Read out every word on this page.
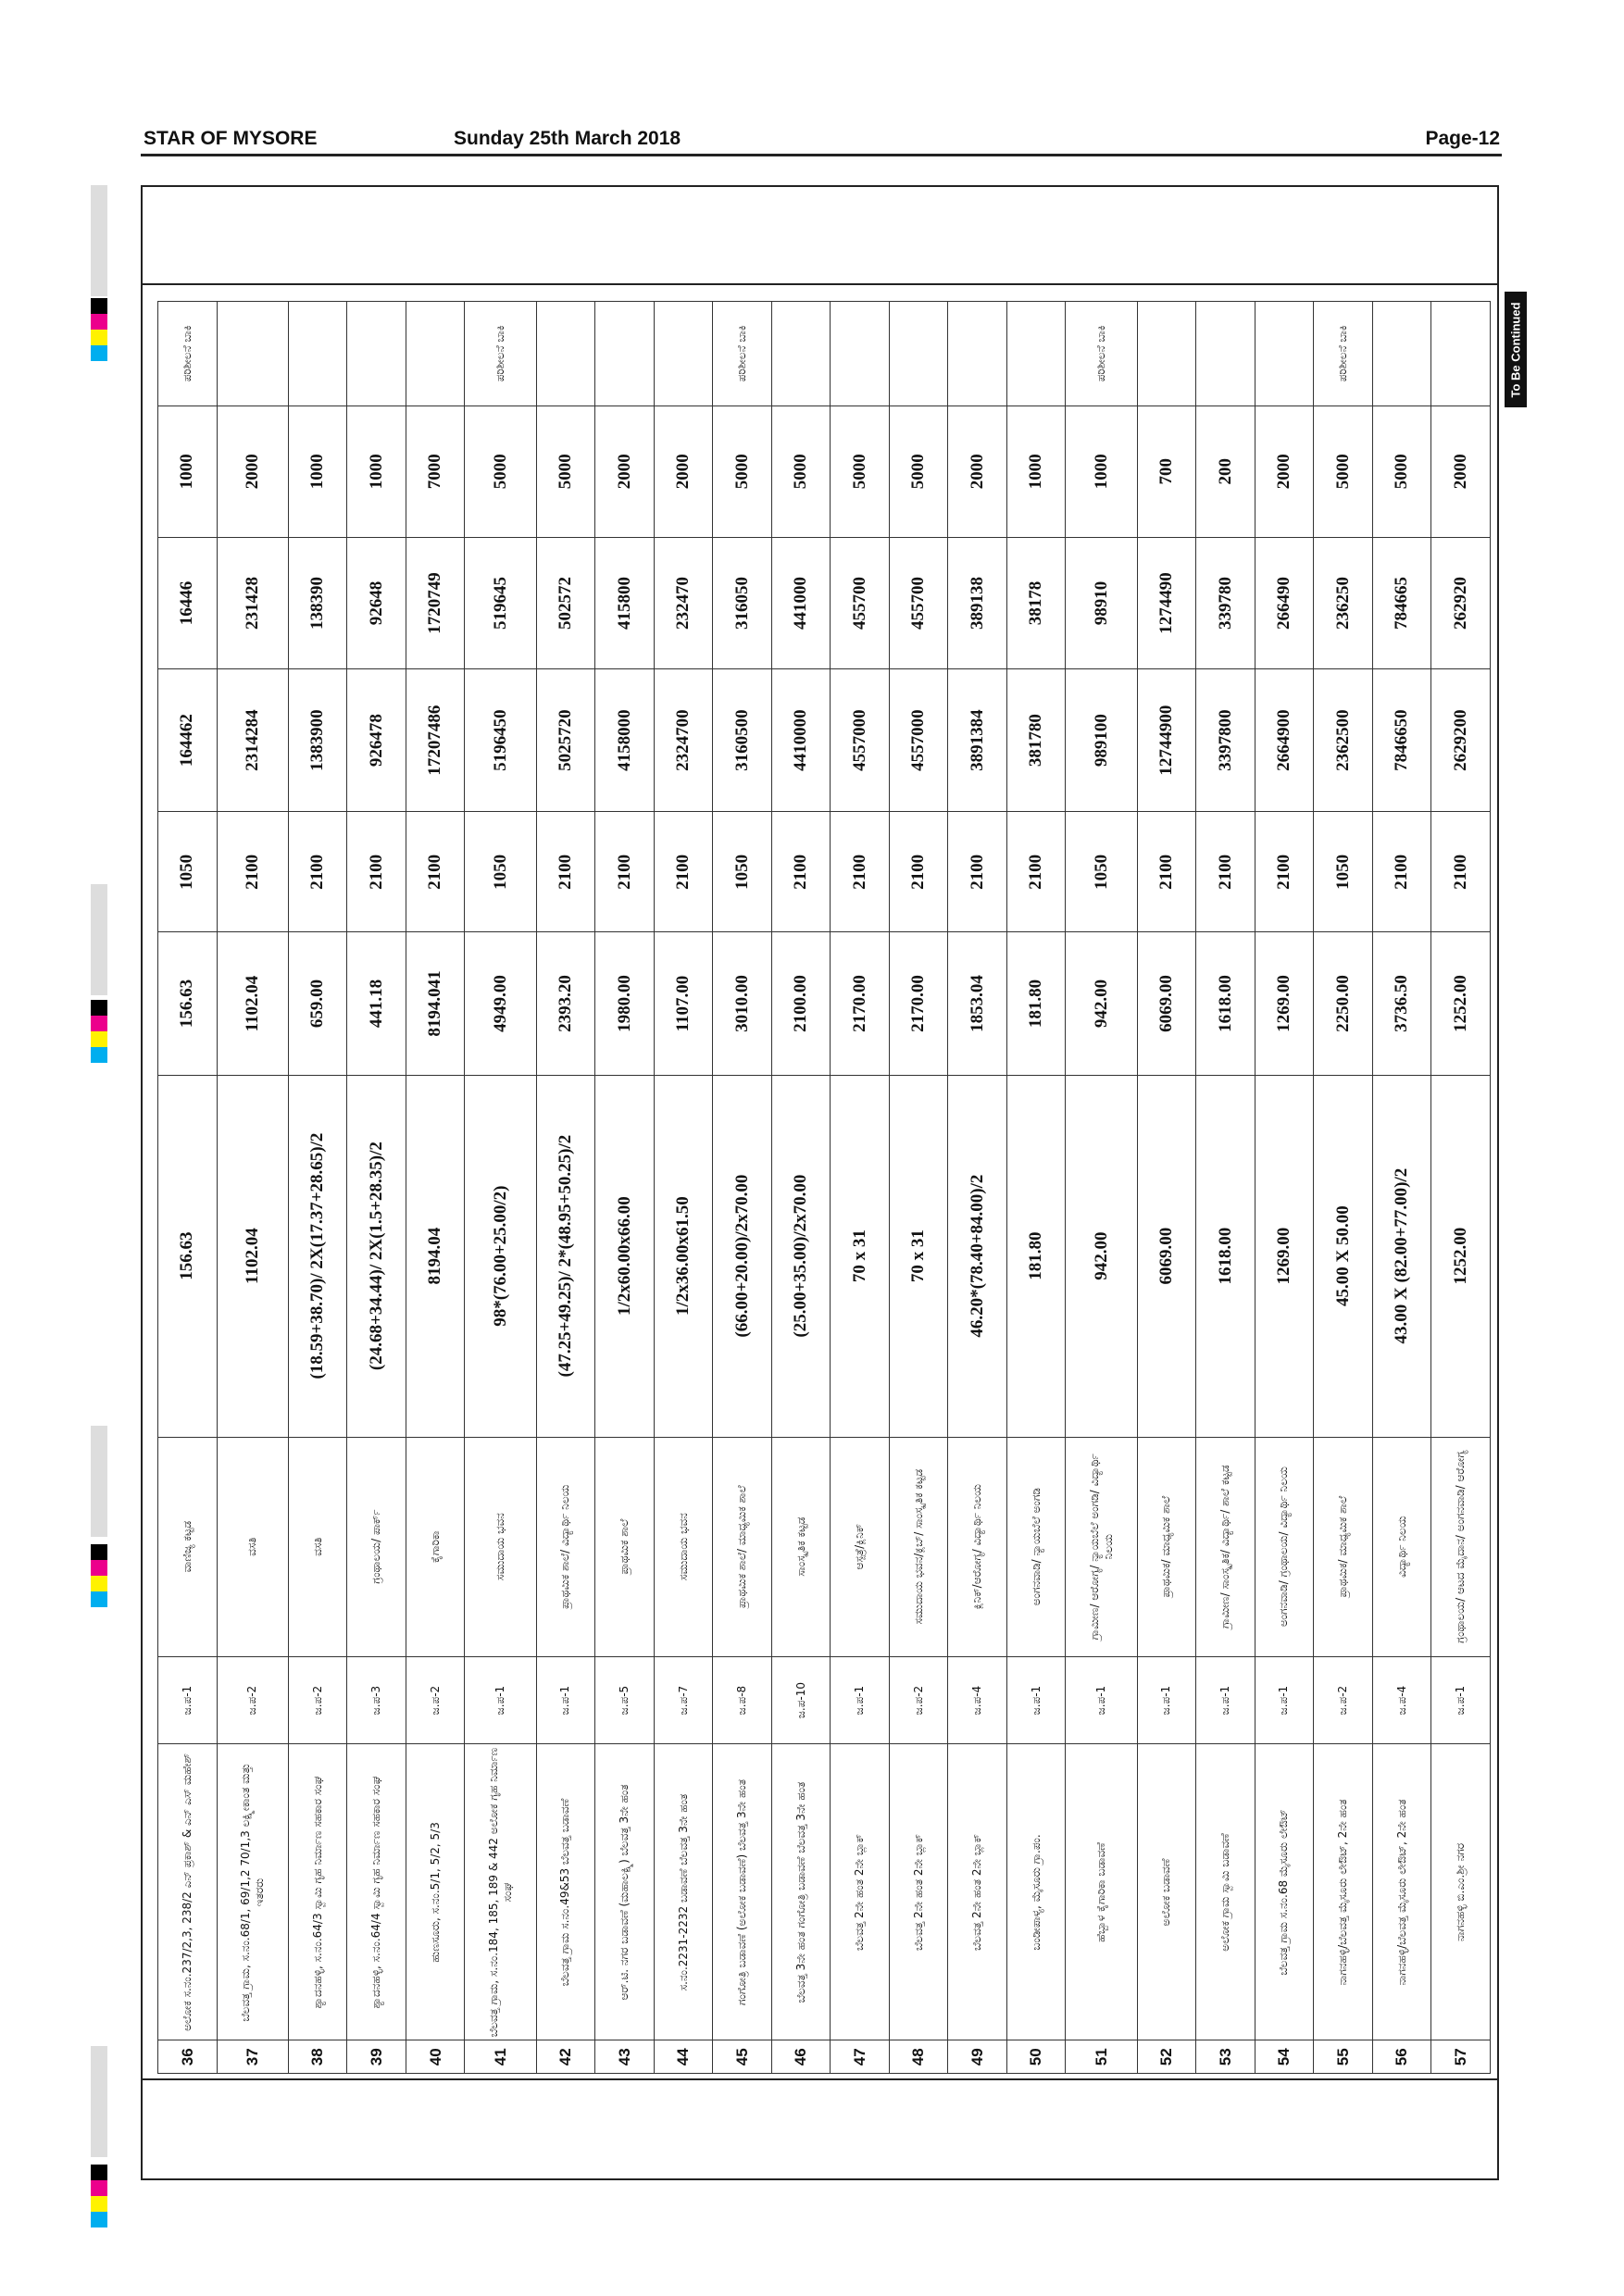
STAR OF MYSORE	Sunday 25th March 2018	Page-12
To Be Continued
36	ಅಲೋಕ ಸ.ನಂ.237/2,3, 238/2 ಎನ್ ಪ್ರಕಾಶ್ & ಎನ್ ಎಸ್ ಮಹೇಶ್	ಜ.ಪ-1	ವಾಣಿಜ್ಯ ಕಟ್ಟಡ	156.63	156.63	1050	164462	16446	1000	ಪರಿಶೀಲನೆ ಬಾಕಿ
37	ಬೆಲವತ್ತ ಗ್ರಾಮ, ಸ.ನಂ.68/1, 69/1,2 70/1,3 ಲಕ್ಷ್ಮೀಕಾಂತ ಮತ್ತು ಇತರರು	ಜ.ಪ-2	ವಸತಿ	1102.04	1102.04	2100	2314284	231428	2000	
38	ಶ್ಯಾದನಹಳ್ಳಿ, ಸ.ನಂ.64/3 ಸ್ವಾಮಿ ಗೃಹ ನಿರ್ಮಾಣ ಸಹಕಾರ ಸಂಘ	ಜ.ಪ-2	ವಸತಿ	(18.59+38.70)/ 2X(17.37+28.65)/2	659.00	2100	1383900	138390	1000	
39	ಶ್ಯಾದನಹಳ್ಳಿ, ಸ.ನಂ.64/4 ಸ್ವಾಮಿ ಗೃಹ ನಿರ್ಮಾಣ ಸಹಕಾರ ಸಂಘ	ಜ.ಪ-3	ಗ್ರಂಥಾಲಯ/ ಪಾರ್ಕ್	(24.68+34.44)/ 2X(1.5+28.35)/2	441.18	2100	926478	92648	1000	
40	ಹುಣಸೂರು, ಸ.ನಂ.5/1, 5/2, 5/3	ಜ.ಪ-2	ಕೈಗಾರಿಕಾ	8194.04	8194.041	2100	17207486	1720749	7000	
41	ಬೆಲವತ್ತ ಗ್ರಾಮ, ಸ.ನಂ.184, 185, 189 & 442 ಅಲೋಕ ಗೃಹ ನಿರ್ಮಾಣ ಸಂಘ	ಜ.ಪ-1	ಸಮುದಾಯ ಭವನ	98*(76.00+25.00/2)	4949.00	1050	5196450	519645	5000	ಪರಿಶೀಲನೆ ಬಾಕಿ
42	ಬೆಲವತ್ತ ಗ್ರಾಮ ಸ.ನಂ.49&53 ಬೆಲವತ್ತ ಬಡಾವಣೆ	ಜ.ಪ-1	ಪ್ರಾಥಮಿಕ ಶಾಲೆ/ ವಿದ್ಯಾರ್ಥಿ ನಿಲಯ	(47.25+49.25)/ 2*(48.95+50.25)/2	2393.20	2100	5025720	502572	5000	
43	ಆರ್.ಟಿ. ನಗರ ಬಡಾವಣೆ (ಮಹಾಲಕ್ಷ್ಮಿ) ಬೆಲವತ್ತ 3ನೇ ಹಂತ	ಜ.ಪ-5	ಪ್ರಾಥಮಿಕ ಶಾಲೆ	1/2x60.00x66.00	1980.00	2100	4158000	415800	2000	
44	ಸ.ನಂ.2231-2232 ಬಡಾವಣೆ ಬೆಲವತ್ತ 3ನೇ ಹಂತ	ಜ.ಪ-7	ಸಮುದಾಯ ಭವನ	1/2x36.00x61.50	1107.00	2100	2324700	232470	2000	
45	ಗಂಗೋತ್ರಿ ಬಡಾವಣೆ (ಅಲೋಕ ಬಡಾವಣೆ) ಬೆಲವತ್ತ 3ನೇ ಹಂತ	ಜ.ಪ-8	ಪ್ರಾಥಮಿಕ ಶಾಲೆ/ ಮಾಧ್ಯಮಿಕ ಶಾಲೆ	(66.00+20.00)/2x70.00	3010.00	1050	3160500	316050	5000	ಪರಿಶೀಲನೆ ಬಾಕಿ
46	ಬೆಲವತ್ತ 3ನೇ ಹಂತ ಗಂಗೋತ್ರಿ ಬಡಾವಣೆ ಬೆಲವತ್ತ 3ನೇ ಹಂತ	ಜ.ಪ-10	ಸಾಂಸ್ಕೃತಿಕ ಕಟ್ಟಡ	(25.00+35.00)/2x70.00	2100.00	2100	4410000	441000	5000	
47	ಬೆಲವತ್ತ 2ನೇ ಹಂತ 2ನೇ ಬ್ಲಾಕ್	ಜ.ಪ-1	ಆಸ್ಪತ್ರೆ/ಕ್ಲಿನಿಕ್	70 x 31	2170.00	2100	4557000	455700	5000	
48	ಬೆಲವತ್ತ 2ನೇ ಹಂತ 2ನೇ ಬ್ಲಾಕ್	ಜ.ಪ-2	ಸಮುದಾಯ ಭವನ/ಕ್ಲಬ್/ ಸಾಂಸ್ಕೃತಿಕ ಕಟ್ಟಡ	70 x 31	2170.00	2100	4557000	455700	5000	
49	ಬೆಲವತ್ತ 2ನೇ ಹಂತ 2ನೇ ಬ್ಲಾಕ್	ಜ.ಪ-4	ಕ್ಲಿನಿಕ್/ಆರೋಗ್ಯ/ ವಿದ್ಯಾರ್ಥಿ ನಿಲಯ	46.20*(78.40+84.00)/2	1853.04	2100	3891384	389138	2000	
50	ಬಂಡೀಪಾಳ್ಯ, ಮೈಸೂರು ಗ್ರಾ.ಪಂ.	ಜ.ಪ-1	ಅಂಗನವಾಡಿ/ ನ್ಯಾಯಬೆಲೆ ಅಂಗಡಿ	181.80	181.80	2100	381780	38178	1000	
51	ಹೆಬ್ಬಾಳ ಕೈಗಾರಿಕಾ ಬಡಾವಣೆ	ಜ.ಪ-1	ಗ್ರಾಮೀಣ/ ಆರೋಗ್ಯ/ ನ್ಯಾಯಬೆಲೆ ಅಂಗಡಿ/ ವಿದ್ಯಾರ್ಥಿ ನಿಲಯ	942.00	942.00	1050	989100	98910	1000	ಪರಿಶೀಲನೆ ಬಾಕಿ
52	ಅಲೋಕ ಬಡಾವಣೆ	ಜ.ಪ-1	ಪ್ರಾಥಮಿಕ/ ಮಾಧ್ಯಮಿಕ ಶಾಲೆ	6069.00	6069.00	2100	12744900	1274490	700	
53	ಅಲೋಕ ಗ್ರಾಮ ಸ್ವಾಮಿ ಬಡಾವಣೆ	ಜ.ಪ-1	ಗ್ರಾಮೀಣ/ ಸಾಂಸ್ಕೃತಿಕ/ ವಿದ್ಯಾರ್ಥಿ/ ಶಾಲೆ ಕಟ್ಟಡ	1618.00	1618.00	2100	3397800	339780	200	
54	ಬೆಲವತ್ತ ಗ್ರಾಮ ಸ.ನಂ.68 ಮೈಸೂರು ಲೇಔಟ್	ಜ.ಪ-1	ಅಂಗನವಾಡಿ/ ಗ್ರಂಥಾಲಯ/ ವಿದ್ಯಾರ್ಥಿ ನಿಲಯ	1269.00	1269.00	2100	2664900	266490	2000	
55	ನಾಗನಹಳ್ಳಿ/ಬೆಲವತ್ತ ಮೈಸೂರು ಲೇಔಟ್, 2ನೇ ಹಂತ	ಜ.ಪ-2	ಪ್ರಾಥಮಿಕ/ ಮಾಧ್ಯಮಿಕ ಶಾಲೆ	45.00 X 50.00	2250.00	1050	2362500	236250	5000	ಪರಿಶೀಲನೆ ಬಾಕಿ
56	ನಾಗನಹಳ್ಳಿ/ಬೆಲವತ್ತ ಮೈಸೂರು ಲೇಔಟ್, 2ನೇ ಹಂತ	ಜ.ಪ-4	ವಿದ್ಯಾರ್ಥಿ ನಿಲಯ	43.00 X (82.00+77.00)/2	3736.50	2100	7846650	784665	5000	
57	ನಾಗನಹಳ್ಳಿ ಬಿ.ಎಂ.ಶ್ರೀ ನಗರ	ಜ.ಪ-1	ಗ್ರಂಥಾಲಯ/ ಆಟದ ಮೈದಾನ/ ಅಂಗನವಾಡಿ/ ಆರೋಗ್ಯ	1252.00	1252.00	2100	2629200	262920	2000	
